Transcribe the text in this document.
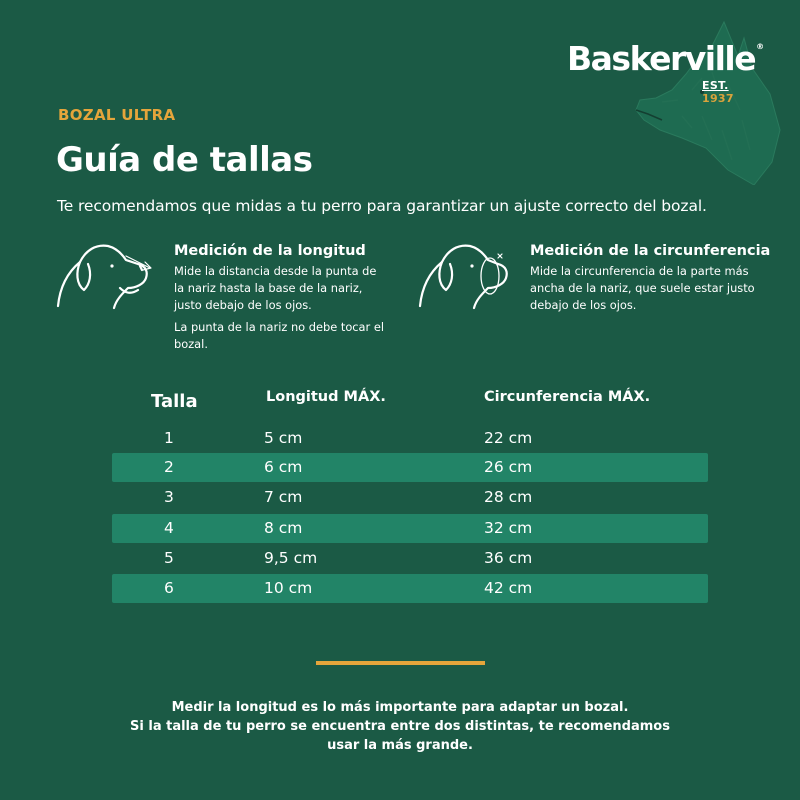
Baskerville ®
EST. 1937
BOZAL ULTRA
Guía de tallas
Te recomendamos que midas a tu perro para garantizar un ajuste correcto del bozal.
Medición de la longitud

Mide la distancia desde la punta de la nariz hasta la base de la nariz, justo debajo de los ojos.

La punta de la nariz no debe tocar el bozal.

Medición de la circunferencia

Mide la circunferencia de la parte más ancha de la nariz, que suele estar justo debajo de los ojos.

Talla	Longitud MÁX.	Circunferencia MÁX.
1	5 cm	22 cm
2	6 cm	26 cm
3	7 cm	28 cm
4	8 cm	32 cm
5	9,5 cm	36 cm
6	10 cm	42 cm

Medir la longitud es lo más importante para adaptar un bozal.

Si la talla de tu perro se encuentra entre dos distintas, te recomendamos

usar la más grande.
